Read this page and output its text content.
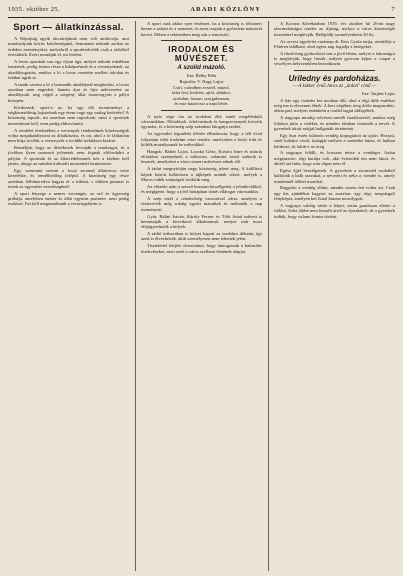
1935. október 25.	ARADI KÖZLÖNY	7
Sport — állatkínzással.

A Népújság egyik tárcaírójának nem volt ambíciója, ami mindnyájunk közös kötelességünk, bemutatni nekünk azokat az érdekes eseményeket, melyekről a sportkedvelők csak a rádióból értesülnek. Ezért mondjuk el, mi történt.

A lovas sportnak van egy olyan ága, melyet nálunk ritkábban ismernek, pedig fontos része a kiképzésnek és a versenyeknek: az akadályugratás, amikor a ló a lovas vezetése mellett árkokat és falakat ugrik át.

A tanúk szerint a ló a harmadik akadálynál megbotlott, a lovas azonban nem engedett, hanem újra és újra nekivezette az akadálynak, míg végül a szegény állat összerogyott a pálya közepén.

Kérdezzük: sport-e az, ha egy élő teremtményt a végkimerülésig hajszolnak egy érem vagy egy szalag kedvéért? A közönség tapsolt, mi azonban nem tapsolunk, mert a sportnak nemesítenie kell, nem pedig eldurvítania.

A rendelet értelmében a versenyek rendezőinek kötelességük volna megakadályozni az állatkínzást, és ott, ahol a ló láthatóan nem bírja tovább, a versenyzőt a további induláson kizárni.

Reméljük, hogy az illetékesek levonják a tanulságot, és a jövőben ilyen szomorú jelenetek nem fognak előfordulni a pályán. A sportnak és az állatvédelemnek kéz a kézben kell járnia, ahogy az minden kulturált nemzetnél természetes.

Egy szemtanú szerint a lovat azonnal állatorvos vette kezelésbe, és remélhetőleg felépül. A közönség egy része azonban felháborodva hagyta el a tribünt, s többen panaszt is tettek az egyesület vezetőségénél.

A sport lényege a nemes versengés, az erő és ügyesség próbája, amelyben ember és állat egymás partnere, nem pedig eszköze. Ezt kell megtanulnunk a versenypályán is.

A sport csak akkor nyer értelmet, ha a közönség is felismeri benne a szépet és a nemeset, és nem csupán a győzelem mámorát keresi. Ebben a tekintetben még sok a tennivaló.

IRODALOM ÉS MŰVÉSZET.
A szolid mázoló.
Irta: Réthy Béla
Rajzolta: V. Nagy Lajos
Csitt, csöndben ecsetel, mázol,
falat fest, kerítést, ajtót, ablakot,
szolidan, lassan, szorgalmasan,
és este hazaviszi a napi bérét.

A nyár vége óta az irodalmi élet ismét megélénkült városunkban. Előadások, felolvasások és hangversenyek követik egymást, és a közönség szép számban látogatja ezeket.

Az egyesület legutóbbi ülésén elhatározta, hogy a téli évad folyamán több irodalmi estet rendez, amelyeken a helyi írók és költők mutatkoznak be műveikkel.

Hangok: Bálint Lajos, Laczkó Géza, Kovács Imre és mások előadásai szerepelnek a műsoron, valamint zenei számok is lesznek, amelyeket a város ismert művészei adnak elő.

A tárlat megnyitóján nagy közönség jelent meg. A kiállított képek között különösen a tájképek arattak sikert, melyek a Maros-vidék szépségeit örökítik meg.

Az előadás után a szerző hosszan beszélgetett a jelenlevőkkel, és megígérte, hogy a jövő hónapban ismét ellátogat városunkba.

A szép estét a rendezőség vacsorával zárta, amelyen a résztvevők még sokáig együtt maradtak és méltatták a nap eseményeit.

Gyár: Bálint István, Károly Ferenc és Tóth Antal műveit is bemutatják a következő alkalommal, melyre már most előjegyezhetők a helyek.

A rádió műsorában is helyet kapott az irodalmi délután, így azok is élvezhették, akik személyesen nem lehettek jelen.

Tisztelettel kérjük olvasóinkat, hogy támogassák a kulturális törekvéseket, mert ezek a város szellemi életének alapjai.

A Korona Kávéházban 1935. évi október hó 26-án nagy táncmulatságot rendez az ifjúság, melyre a város közönségét tisztelettel meghívják. Belépődíj személyenként 30 lej.

Az orvosi ügyeletet vasárnap dr. Kiss Gyula tartja, rendelője a Főtéren található, ahol egész nap fogadja a betegeket.

A tűzoltóság gyakorlatot tart a jövő héten, melyre a lakosságot is meghívják, hogy lássák, milyen gyorsan képes a csapat a veszélyes helyzetekben beavatkozni.

Uriledny és pardoházas.
— A kokker Jenő Jancs az ,,ürdon" című —
Irta: Tarjáni Lajos

A ház egy csendes kis utcában állt, ahol a régi idők emlékei még ma is elevenen élnek. A kert végében öreg diófa magasodott, alatta pad, melyen esténként a család tagjai üldögéltek.

A nagyapa mindig szívesen mesélt fiatalkoráról, amikor még lóháton járta a vidéket, és minden faluban ismerték a nevét. A gyerekek tátott szájjal hallgatták történeteit.

Egy őszi estén különös vendég kopogtatott az ajtón. Hosszú, sötét kabátot viselt, kalapját mélyen a szemébe húzta, és halkan kérdezte, itt lakik-e az öreg.

A nagyapa felállt, és hosszan nézte a vendéget. Aztán megismerte: régi barátja volt, akit évtizedek óta nem látott, és akiről azt hitte, hogy már régen nem él.

Egész éjjel beszélgettek. A gyerekek a szomszéd szobából hallották a halk szavakat, a nevetést és néha a csendet is, amely mindennél többet mondott.

Reggelre a vendég eltűnt, mintha sosem lett volna ott. Csak egy kis ajándékot hagyott az asztalon: egy régi, megsárgult fényképet, amelyen két fiatal katona mosolygott.

A nagyapa sokáig nézte a képet, aztán gondosan eltette a fiókba. Soha többé nem beszélt arról az éjszakáról, de a gyerekek tudták, hogy valami fontos történt.
